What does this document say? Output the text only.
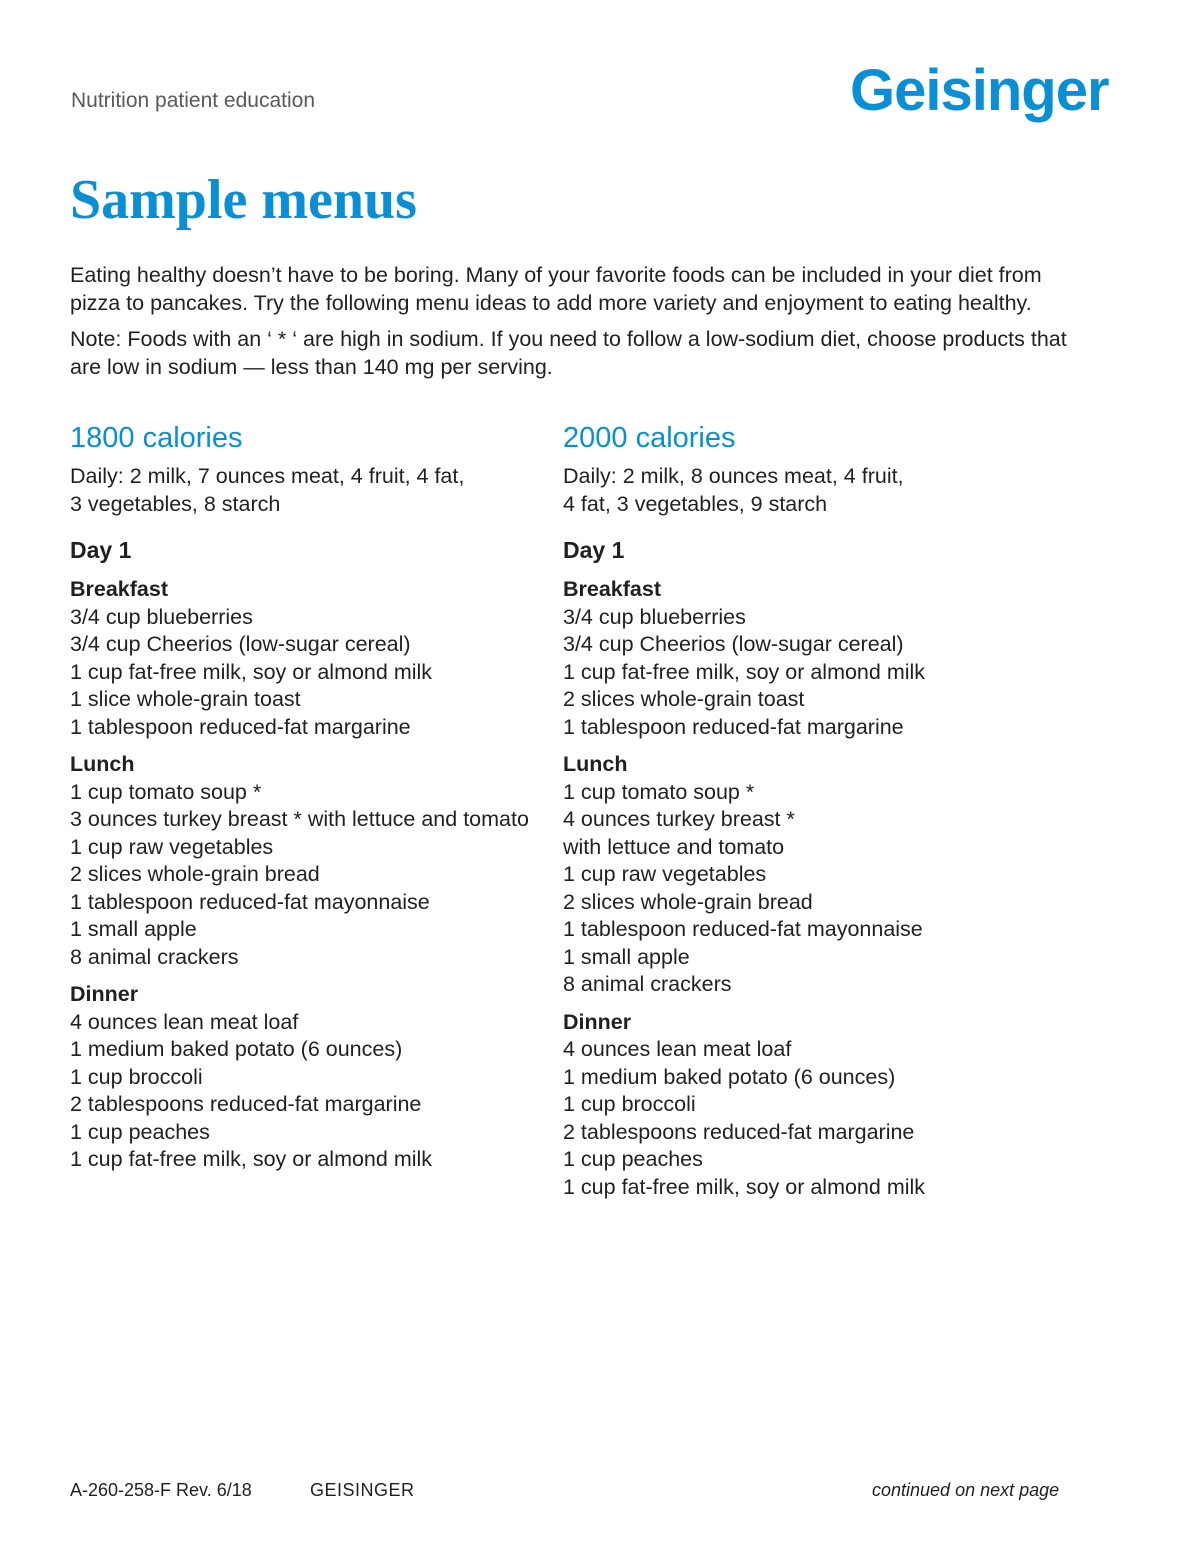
Nutrition patient education	Geisinger
Sample menus

Eating healthy doesn’t have to be boring. Many of your favorite foods can be included in your diet from pizza to pancakes. Try the following menu ideas to add more variety and enjoyment to eating healthy.

Note: Foods with an ‘ * ‘ are high in sodium. If you need to follow a low-sodium diet, choose products that are low in sodium — less than 140 mg per serving.

1800 calories
Daily: 2 milk, 7 ounces meat, 4 fruit, 4 fat,
3 vegetables, 8 starch
Day 1
Breakfast
3/4 cup blueberries
3/4 cup Cheerios (low-sugar cereal)
1 cup fat-free milk, soy or almond milk
1 slice whole-grain toast
1 tablespoon reduced-fat margarine
Lunch
1 cup tomato soup *
3 ounces turkey breast * with lettuce and tomato
1 cup raw vegetables
2 slices whole-grain bread
1 tablespoon reduced-fat mayonnaise
1 small apple
8 animal crackers
Dinner
4 ounces lean meat loaf
1 medium baked potato (6 ounces)
1 cup broccoli
2 tablespoons reduced-fat margarine
1 cup peaches
1 cup fat-free milk, soy or almond milk
2000 calories
Daily: 2 milk, 8 ounces meat, 4 fruit,
4 fat, 3 vegetables, 9 starch
Day 1
Breakfast
3/4 cup blueberries
3/4 cup Cheerios (low-sugar cereal)
1 cup fat-free milk, soy or almond milk
2 slices whole-grain toast
1 tablespoon reduced-fat margarine
Lunch
1 cup tomato soup *
4 ounces turkey breast *
with lettuce and tomato
1 cup raw vegetables
2 slices whole-grain bread
1 tablespoon reduced-fat mayonnaise
1 small apple
8 animal crackers
Dinner
4 ounces lean meat loaf
1 medium baked potato (6 ounces)
1 cup broccoli
2 tablespoons reduced-fat margarine
1 cup peaches
1 cup fat-free milk, soy or almond milk
A-260-258-F Rev. 6/18	GEISINGER	continued on next page
